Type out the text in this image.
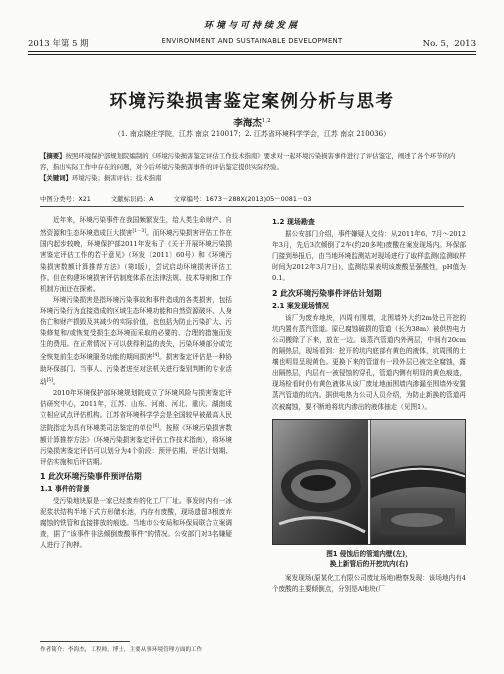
环境与可持续发展
2013 年第 5 期	ENVIRONMENT AND SUSTAINABLE DEVELOPMENT	No. 5，2013
环境污染损害鉴定案例分析与思考
李海杰$^{1,2}$
（1. 南京晓庄学院，江苏 南京 210017；2. 江苏省环境科学学会，江苏 南京 210036）
【摘要】按照环境保护部规划院编制的《环境污染损害鉴定评估工作技术指南》要求对一起环境污染损害事件进行了评估鉴定，阐述了各个环节的内容，指出实际工作中存在的问题，对今后环境污染损害事件的评估鉴定提供实际经验。
【关键词】环境污染；损害评估；技术指南
中图分类号：X21	文献标识码：A	文章编号：1673－288X(2013)05－0081－03

近年来，环境污染事件在我国频繁发生，给人类生命财产、自然资源和生态环境造成巨大损害[1－3]。而环境污染损害评估工作在国内起步较晚，环境保护部2011年发布了《关于开展环境污染损害鉴定评估工作的若干意见》（环发〔2011〕60号）和《环境污染损害数额计算推荐方法》（第I版），尝试启动环境损害评估工作。但在构建环境损害评估制度体系在法律法规、技术导则和工作机制方面还在探索。

环境污染损害是指环境污染事故和事件造成的各类损害，包括环境污染行为直接造成的区域生态环境功能和自然资源破坏、人身伤亡和财产损毁及其减少的实际价值，也包括为防止污染扩大、污染修复和/或恢复受损生态环境而采取的必要的、合理的措施而发生的费用。在正常情况下可以获得利益的丧失，污染环境部分或完全恢复前生态环境服务功能的期间损害[4]。损害鉴定评估是一种协助环保部门、当事人、污染者进至对法机关进行鉴别判断的专业活动[5]。

2010年环境保护部环境规划院成立了环境风险与损害鉴定评估研究中心，2011年，江苏、山东、河南、河北、重庆、湖南成立相应试点评估机构。江苏省环境科学学会是全国较早被最高人民法院指定为具有环境类司法鉴定的单位[6]。按照《环境污染损害数额计算推荐方法》（环境污染损害鉴定评估工作技术指南），将环境污染损害鉴定评估可以划分为4个阶段：预评估期、评估计划期、评估实施和后评估期。

1 此次环境污染事件预评估期
1.1 事件的背景

受污染地块原是一家已经废弃的化工厂厂址。事发时内有一冰泥浆状结构半地下式方形储水池，内存有废酸，现场遗留3根废弃腐蚀的铁管和直接排放的痕迹。当地市公安局和环保局联合立案调查，据了“该事件非法倾倒废酸事件”的情况。公安部门对3名嫌疑人进行了拘押。

1.2 现场勘查

据公安部门介绍，事件嫌疑人交待：从2011年6、7月～2012年3月，先后3次倾倒了2车(约20多吨)废酸在案发现场内。环保部门接到举报后，由当地环境监测站对现场进行了取样监测(监测取样时间为2012年3月7日)，监测结果表明该废酸呈强酸性，pH值为0.1。

2 此次环境污染事件评估计划期
2.1 案发现场情况

该厂为废弃地块，四周有围墙，北围墙外大约2m处已开挖的坑内置有蒸汽管道。原已腐蚀破损的管道（长为38m）被供热电力公司搬除了下来，放在一边。该蒸汽管道内外两层，中间有20cm的隔热层，现场看到：挖开的坑内底部有黄色的液体，坑周围的土壤也明显呈现黄色。更换下来的管道有一段外层已被完全腐蚀，露出隔热层，内层有一被侵蚀的穿孔，管道内侧有明显的黄色痕迹，现场检看时仍有黄色液体从该厂废址地面围墙内渗漏至围墙外安置蒸汽管道的坑内。据供电热力公司人员介绍，为防止新换的管道再次被腐蚀，要不断地将坑内渗出的液体抽走（见图1）。

图1 侵蚀后的管道内壁(左)，
换上新管后的开挖坑内(右)

案发现场(原某化工有限公司废址场地)勘察发现：该场地内有4个废酸的主要倾倒点，分别是A地块(厂

作者简介：李海杰，工程师，博士，主要从事环境管理方面的工作
